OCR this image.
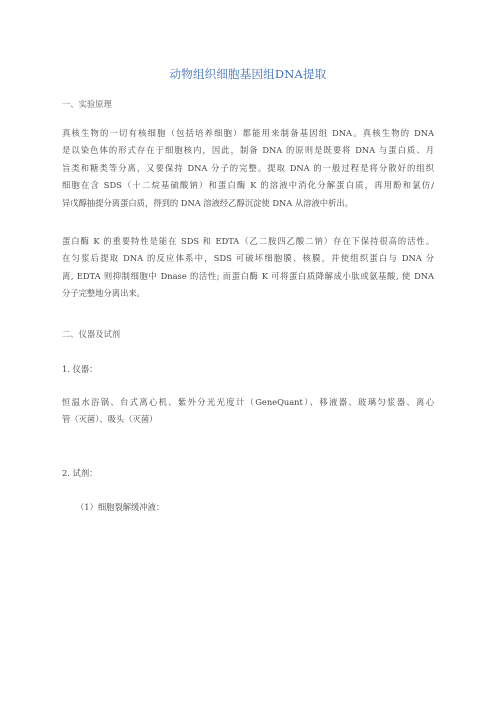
动物组织细胞基因组DNA提取
一、实验原理
真核生物的一切有核细胞（包括培养细胞）都能用来制备基因组 DNA。真核生物的 DNA
是以染色体的形式存在于细胞核内，因此，制备 DNA 的原则是既要将 DNA 与蛋白质、月
旨类和糖类等分离，又要保持 DNA 分子的完整。提取 DNA 的一般过程是将分散好的组织
细胞在含 SDS（十二烷基硫酸钠）和蛋白酶 K 的溶液中消化分解蛋白质，再用酚和氯仿/
异戊醇抽提分离蛋白质，得到的 DNA 溶液经乙醇沉淀使 DNA 从溶液中析出。
蛋白酶 K 的重要特性是能在 SDS 和 EDTA（乙二胺四乙酸二钠）存在下保持很高的活性。
在匀浆后提取 DNA 的反应体系中，SDS 可破坏细胞膜、核膜，并使组织蛋白与 DNA 分
离, EDTA 则抑制细胞中 Dnase 的活性; 而蛋白酶 K 可将蛋白质降解成小肽或氨基酸, 使 DNA
分子完整地分离出来。
二、仪器及试剂
1. 仪器：
恒温水浴锅、台式离心机、紫外分光光度计（GeneQuant）、移液器、玻璃匀浆器、离心
管（灭菌）、吸头（灭菌）
2. 试剂：
（1）细胞裂解缓冲液：
